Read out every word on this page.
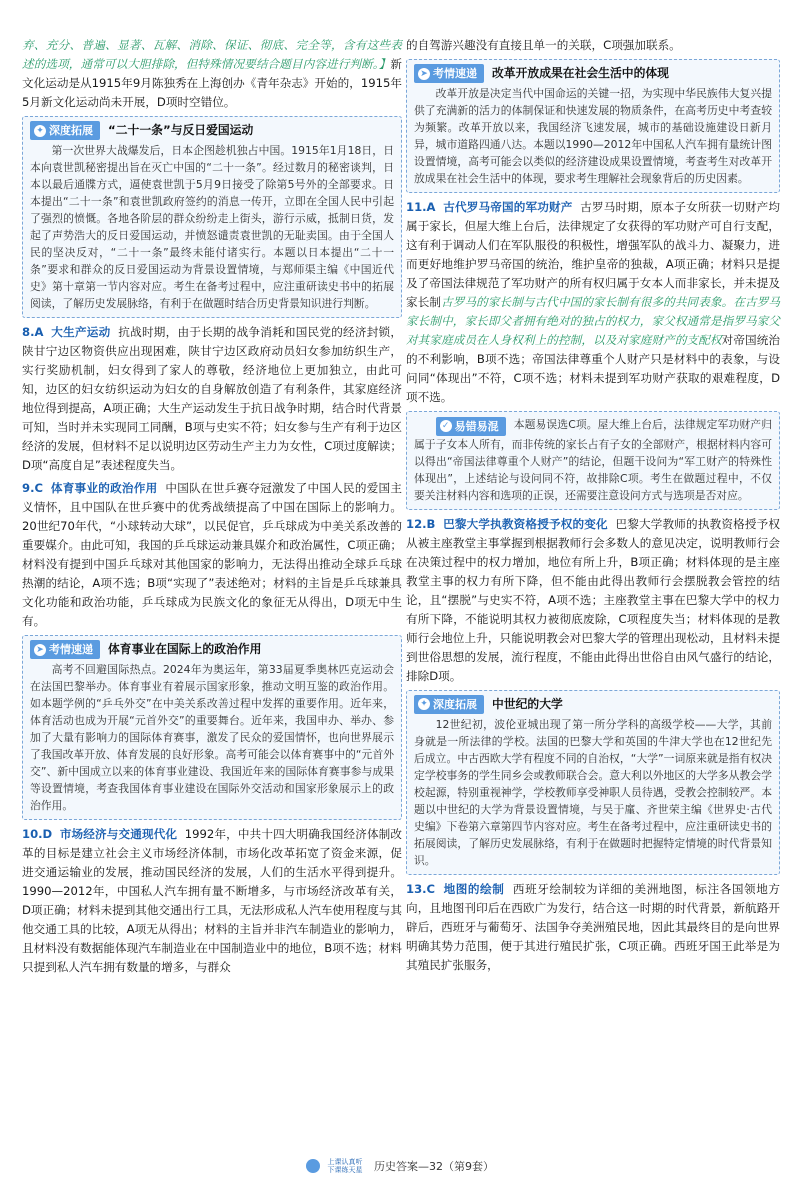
弃、充分、普遍、显著、瓦解、消除、保证、彻底、完全等，含有这些表述的选项，通常可以大胆排除，但特殊情况要结合题目内容进行判断。】新文化运动是从1915年9月陈独秀在上海创办《青年杂志》开始的，1915年5月新文化运动尚未开展，D项时空错位。

✦ 深度拓展 “二十一条”与反日爱国运动

第一次世界大战爆发后，日本企图趁机独占中国。1915年1月18日，日本向袁世凯秘密提出旨在灭亡中国的“二十一条”。经过数月的秘密谈判，日本以最后通牒方式，逼使袁世凯于5月9日接受了除第5号外的全部要求。日本提出“二十一条”和袁世凯政府签约的消息一传开，立即在全国人民中引起了强烈的愤慨。各地各阶层的群众纷纷走上街头，游行示威，抵制日货，发起了声势浩大的反日爱国运动，并愤怒谴责袁世凯的无耻卖国。由于全国人民的坚决反对，“二十一条”最终未能付诸实行。本题以日本提出“二十一条”要求和群众的反日爱国运动为背景设置情境，与郑师渠主编《中国近代史》第十章第一节内容对应。考生在备考过程中，应注重研读史书中的拓展阅读，了解历史发展脉络，有利于在做题时结合历史背景知识进行判断。

8.A 大生产运动 抗战时期，由于长期的战争消耗和国民党的经济封锁，陕甘宁边区物资供应出现困难，陕甘宁边区政府动员妇女参加纺织生产，实行奖励机制，妇女得到了家人的尊敬，经济地位上更加独立，由此可知，边区的妇女纺织运动为妇女的自身解放创造了有利条件，其家庭经济地位得到提高，A项正确；大生产运动发生于抗日战争时期，结合时代背景可知，当时并未实现同工同酬，B项与史实不符；妇女参与生产有利于边区经济的发展，但材料不足以说明边区劳动生产主力为女性，C项过度解读；D项“高度自足”表述程度失当。

9.C 体育事业的政治作用 中国队在世乒赛夺冠激发了中国人民的爱国主义情怀，且中国队在世乒赛中的优秀战绩提高了中国在国际上的影响力。20世纪70年代，“小球转动大球”，以民促官，乒乓球成为中美关系改善的重要媒介。由此可知，我国的乒乓球运动兼具媒介和政治属性，C项正确；材料没有提到中国乒乓球对其他国家的影响力，无法得出推动全球乒乓球热潮的结论，A项不选；B项“实现了”表述绝对；材料的主旨是乒乓球兼具文化功能和政治功能，乒乓球成为民族文化的象征无从得出，D项无中生有。

➤ 考情速递 体育事业在国际上的政治作用

高考不回避国际热点。2024年为奥运年，第33届夏季奥林匹克运动会在法国巴黎举办。体育事业有着展示国家形象，推动文明互鉴的政治作用。如本题学例的“乒乓外交”在中美关系改善过程中发挥的重要作用。近年来，体育活动也成为开展“元首外交”的重要舞台。近年来，我国申办、举办、参加了大量有影响力的国际体育赛事，激发了民众的爱国情怀，也向世界展示了我国改革开放、体育发展的良好形象。高考可能会以体育赛事中的“元首外交”、新中国成立以来的体育事业建设、我国近年来的国际体育赛事参与成果等设置情境，考查我国体育事业建设在国际外交活动和国家形象展示上的政治作用。

10.D 市场经济与交通现代化 1992年，中共十四大明确我国经济体制改革的目标是建立社会主义市场经济体制，市场化改革拓宽了资金来源，促进交通运输业的发展，推动国民经济的发展，人们的生活水平得到提升。1990—2012年，中国私人汽车拥有量不断增多，与市场经济改革有关，D项正确；材料未提到其他交通出行工具，无法形成私人汽车使用程度与其他交通工具的比较，A项无从得出；材料的主旨并非汽车制造业的影响力，且材料没有数据能体现汽车制造业在中国制造业中的地位，B项不选；材料只提到私人汽车拥有数量的增多，与群众

的自驾游兴趣没有直接且单一的关联，C项强加联系。

➤ 考情速递 改革开放成果在社会生活中的体现

改革开放是决定当代中国命运的关键一招，为实现中华民族伟大复兴提供了充满新的活力的体制保证和快速发展的物质条件，在高考历史中考查较为频繁。改革开放以来，我国经济飞速发展，城市的基础设施建设日新月异，城市道路四通八达。本题以1990—2012年中国私人汽车拥有量统计图设置情境，高考可能会以类似的经济建设成果设置情境，考查考生对改革开放成果在社会生活中的体现，要求考生理解社会现象背后的历史因素。

11.A 古代罗马帝国的军功财产 古罗马时期，原本子女所获一切财产均属于家长，但屋大维上台后，法律规定了女获得的军功财产可自行支配，这有利于调动人们在军队服役的积极性，增强军队的战斗力、凝聚力，进而更好地维护罗马帝国的统治，维护皇帝的独裁，A项正确；材料只是提及了帝国法律规范了军功财产的所有权归属于女本人而非家长，并未提及家长制古罗马的家长制与古代中国的家长制有很多的共同表象。在古罗马家长制中，家长即父者拥有绝对的独占的权力，家父权通常是指罗马家父对其家庭成员在人身权利上的控制，以及对家庭财产的支配权对帝国统治的不利影响，B项不选；帝国法律尊重个人财产只是材料中的表象，与设问同“体现出”不符，C项不选；材料未提到军功财产获取的艰难程度，D项不选。

✓ 易错易混 本题易误选C项。屋大维上台后，法律规定军功财产归属于子女本人所有，而非传统的家长占有子女的全部财产，根据材料内容可以得出“帝国法律尊重个人财产”的结论，但题干设问为“军工财产的特殊性体现出”，上述结论与设问同不符，故排除C项。考生在做题过程中，不仅要关注材料内容和选项的正误，还需要注意设问方式与选项是否对应。

12.B 巴黎大学执教资格授予权的变化 巴黎大学教师的执教资格授予权从被主座教堂主事掌握到根据教师行会多数人的意见决定，说明教师行会在决策过程中的权力增加，地位有所上升，B项正确；材料体现的是主座教堂主事的权力有所下降，但不能由此得出教师行会摆脱教会管控的结论，且“摆脱”与史实不符，A项不选；主座教堂主事在巴黎大学中的权力有所下降，不能说明其权力被彻底废除，C项程度失当；材料体现的是教师行会地位上升，只能说明教会对巴黎大学的管理出现松动，且材料未提到世俗思想的发展，流行程度，不能由此得出世俗自由风气盛行的结论，排除D项。

✦ 深度拓展 中世纪的大学

12世纪初，波伦亚城出现了第一所分学科的高级学校——大学，其前身就是一所法律的学校。法国的巴黎大学和英国的牛津大学也在12世纪先后成立。中古西欧大学有程度不同的自治权，“大学”一词原来就是指有权决定学校事务的学生同乡会或教师联合会。意大利以外地区的大学多从教会学校起源，特别重视神学，学校教师享受神职人员待遇，受教会控制较严。本题以中世纪的大学为背景设置情境，与吴于廑、齐世荣主编《世界史·古代史编》下卷第六章第四节内容对应。考生在备考过程中，应注重研读史书的拓展阅读，了解历史发展脉络，有利于在做题时把握特定情境的时代背景知识。

13.C 地图的绘制 西班牙绘制较为详细的美洲地图，标注各国领地方向，且地图刊印后在西欧广为发行，结合这一时期的时代背景，新航路开辟后，西班牙与葡萄牙、法国争夺美洲殖民地，因此其最终目的是向世界明确其势力范围，便于其进行殖民扩张，C项正确。西班牙国王此举是为其殖民扩张服务，

上课认真听
下课练天星 历史答案—32（第9套）
